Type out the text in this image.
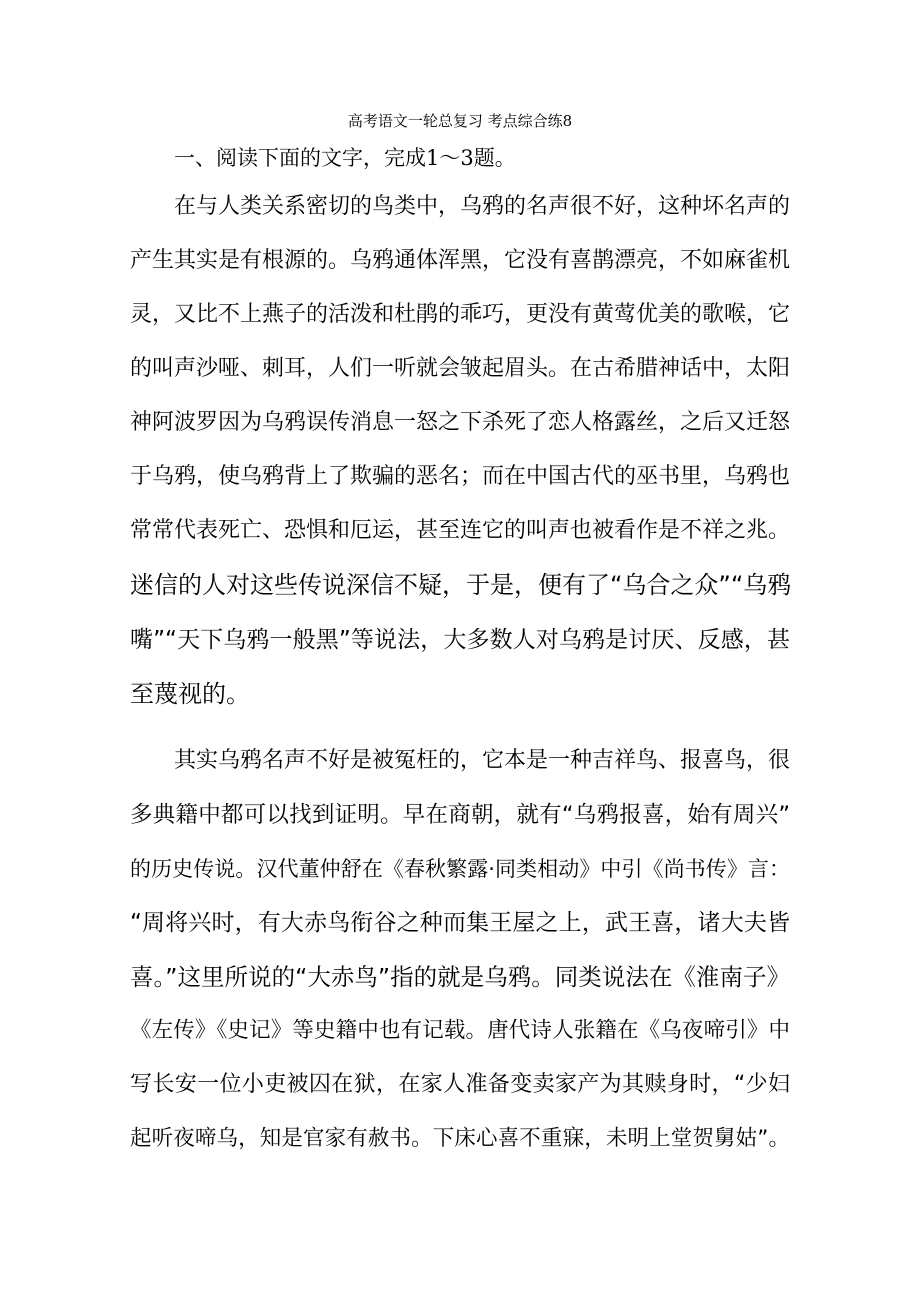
高考语文一轮总复习 考点综合练8
一、阅读下面的文字，完成1～3题。
在与人类关系密切的鸟类中，乌鸦的名声很不好，这种坏名声的
产生其实是有根源的。乌鸦通体浑黑，它没有喜鹊漂亮，不如麻雀机
灵，又比不上燕子的活泼和杜鹃的乖巧，更没有黄莺优美的歌喉，它
的叫声沙哑、刺耳，人们一听就会皱起眉头。在古希腊神话中，太阳
神阿波罗因为乌鸦误传消息一怒之下杀死了恋人格露丝，之后又迁怒
于乌鸦，使乌鸦背上了欺骗的恶名；而在中国古代的巫书里，乌鸦也
常常代表死亡、恐惧和厄运，甚至连它的叫声也被看作是不祥之兆。
迷信的人对这些传说深信不疑，于是，便有了“乌合之众”“乌鸦
嘴”“天下乌鸦一般黑”等说法，大多数人对乌鸦是讨厌、反感，甚
至蔑视的。
其实乌鸦名声不好是被冤枉的，它本是一种吉祥鸟、报喜鸟，很
多典籍中都可以找到证明。早在商朝，就有“乌鸦报喜，始有周兴”
的历史传说。汉代董仲舒在《春秋繁露·同类相动》中引《尚书传》言：
“周将兴时，有大赤鸟衔谷之种而集王屋之上，武王喜，诸大夫皆
喜。”这里所说的“大赤鸟”指的就是乌鸦。同类说法在《淮南子》
《左传》《史记》等史籍中也有记载。唐代诗人张籍在《乌夜啼引》中
写长安一位小吏被囚在狱，在家人准备变卖家产为其赎身时，“少妇
起听夜啼乌，知是官家有赦书。下床心喜不重寐，未明上堂贺舅姑”。
